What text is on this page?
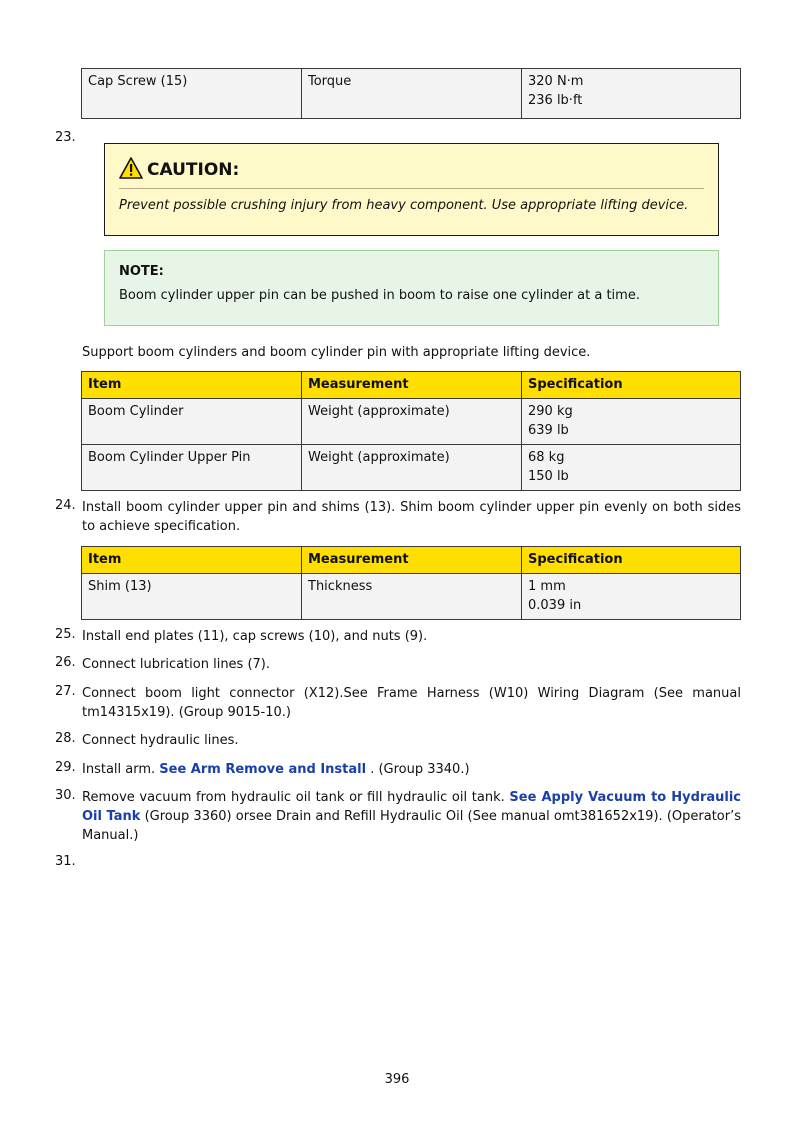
Cap Screw (15)	Torque	320 N·m
236 lb·ft
23.
CAUTION:
Prevent possible crushing injury from heavy component. Use appropriate lifting device.
NOTE:
Boom cylinder upper pin can be pushed in boom to raise one cylinder at a time.
Support boom cylinders and boom cylinder pin with appropriate lifting device.
Item	Measurement	Specification
Boom Cylinder	Weight (approximate)	290 kg
639 lb

Boom Cylinder Upper Pin	Weight (approximate)	68 kg
150 lb
24. Install boom cylinder upper pin and shims (13). Shim boom cylinder upper pin evenly on both sides to achieve specification.
Item	Measurement	Specification
Shim (13)	Thickness	1 mm
0.039 in
25. Install end plates (11), cap screws (10), and nuts (9).
26. Connect lubrication lines (7).
27. Connect boom light connector (X12).See Frame Harness (W10) Wiring Diagram (See manual tm14315x19). (Group 9015-10.)
28. Connect hydraulic lines.
29. Install arm. See Arm Remove and Install . (Group 3340.)
30. Remove vacuum from hydraulic oil tank or fill hydraulic oil tank. See Apply Vacuum to Hydraulic Oil Tank (Group 3360) orsee Drain and Refill Hydraulic Oil (See manual omt381652x19). (Operator’s Manual.)
31.
396
